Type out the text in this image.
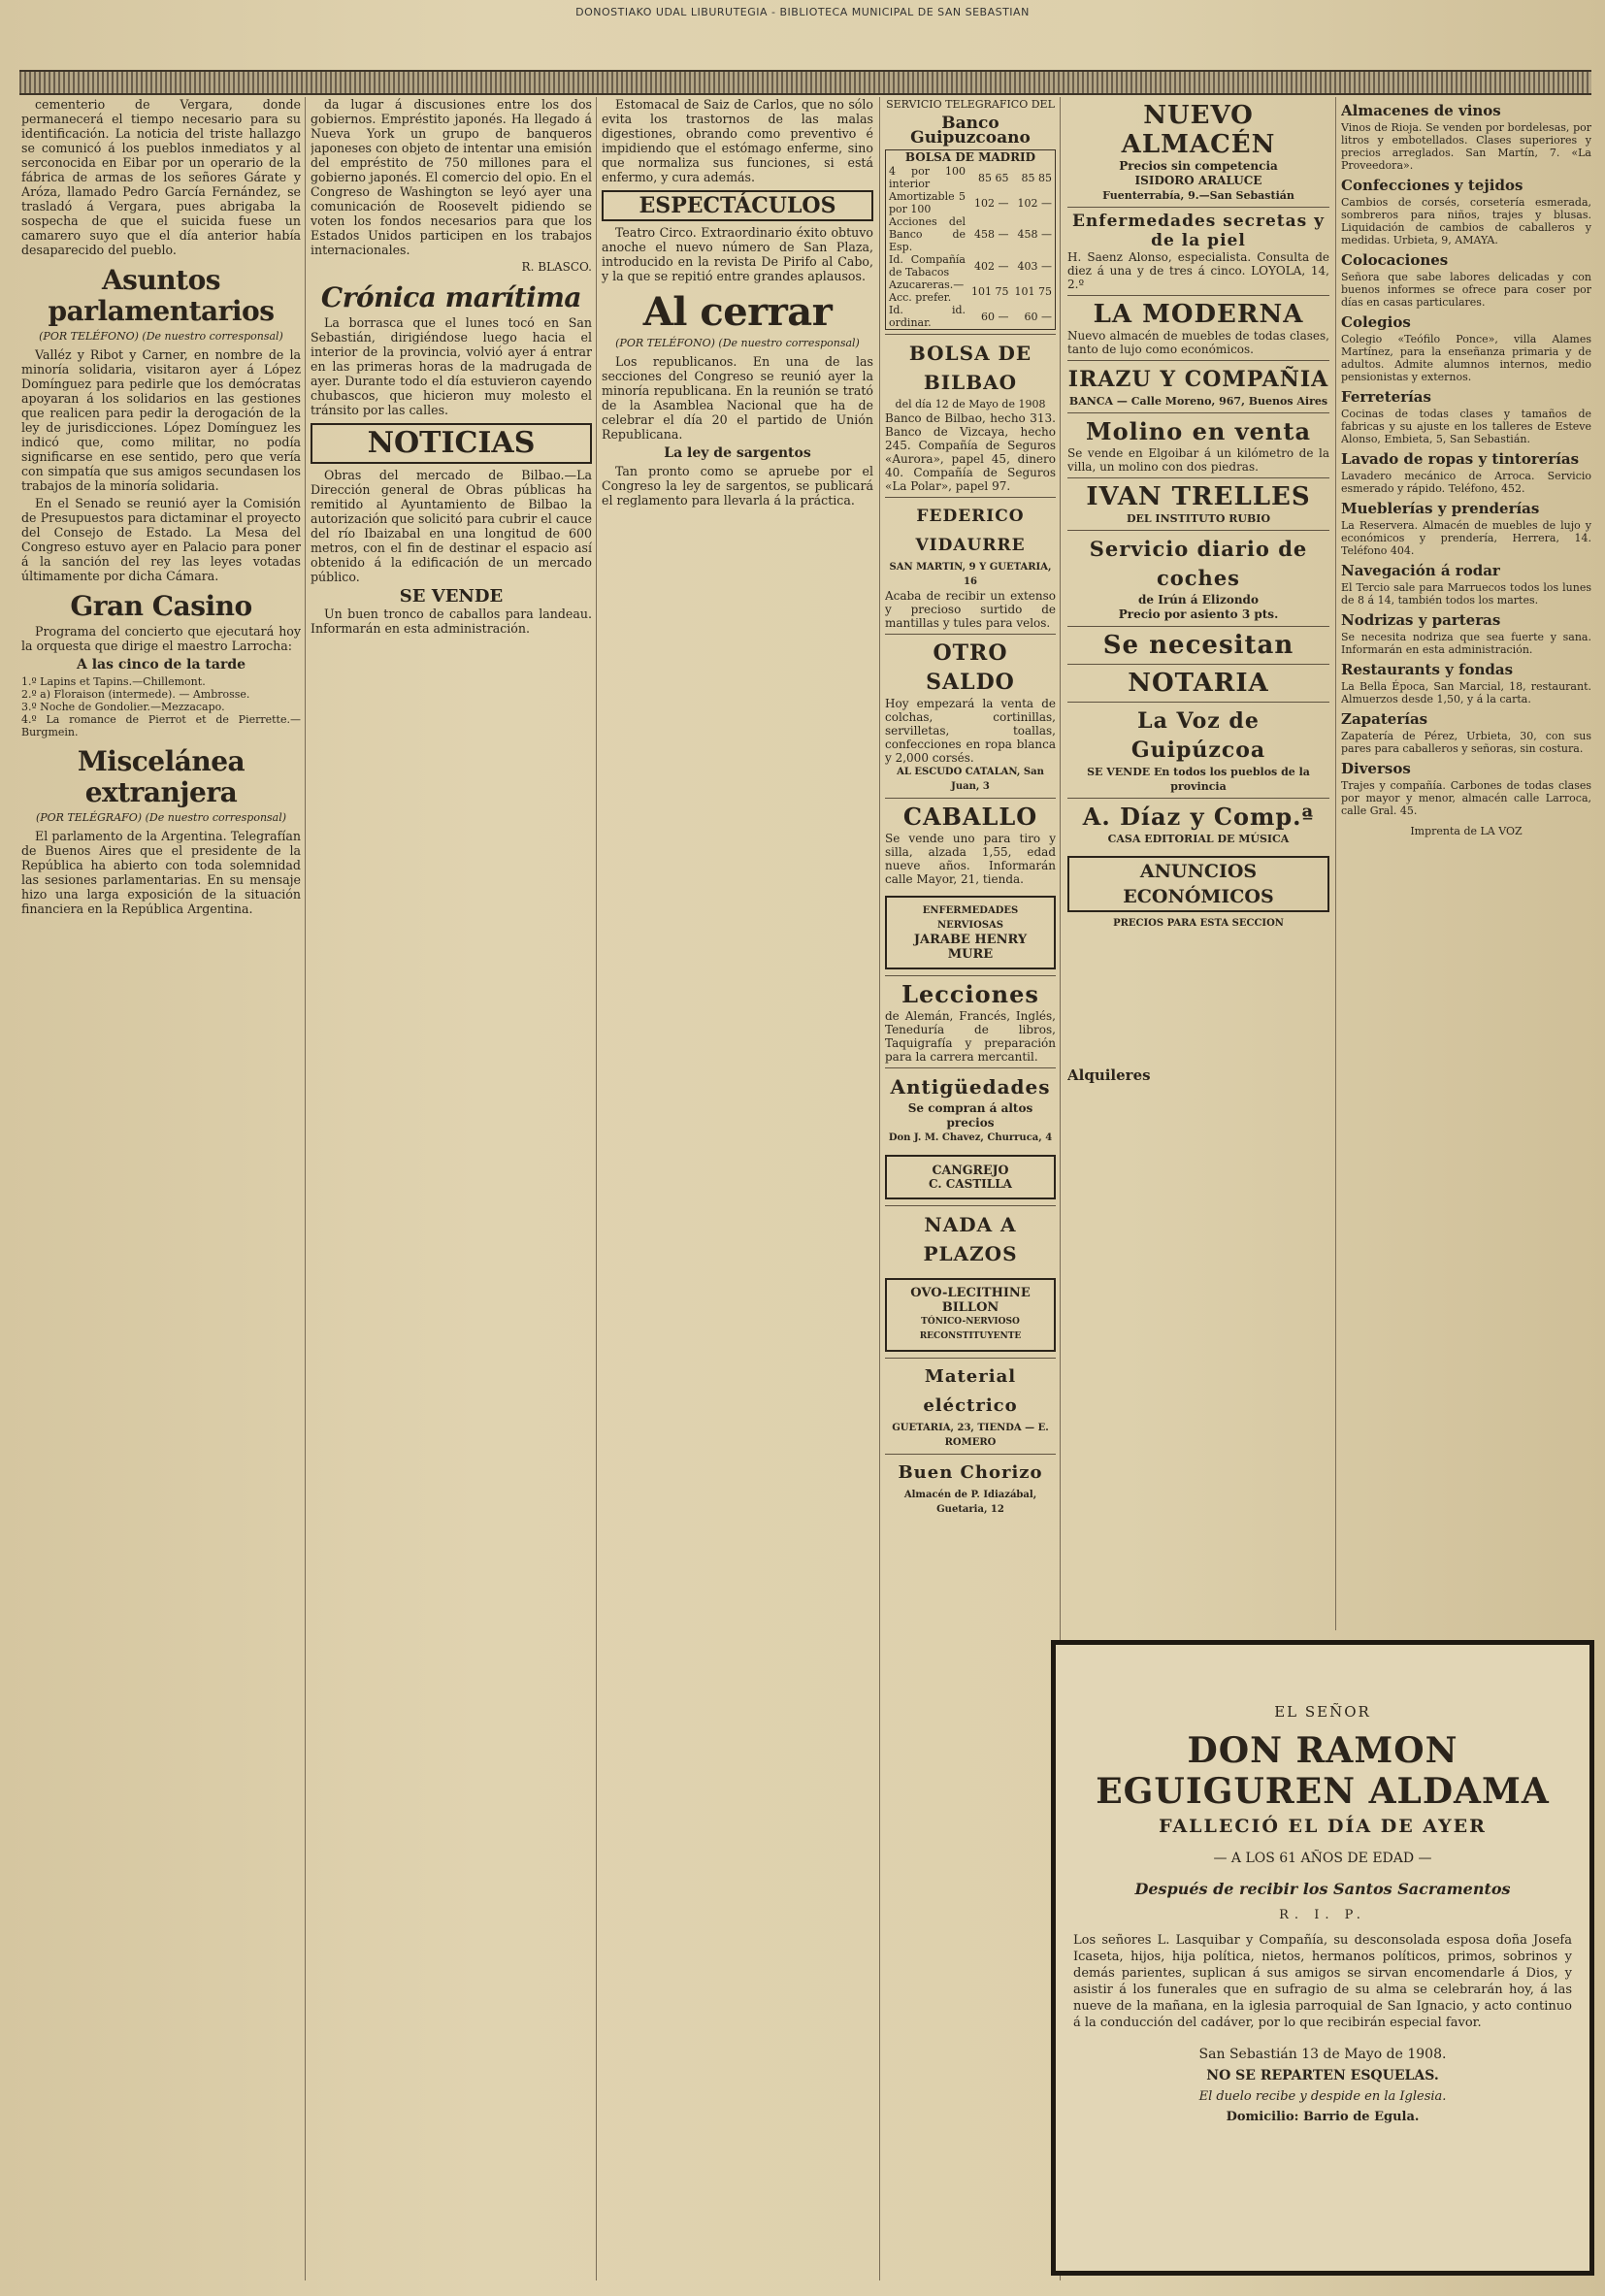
DONOSTIAKO UDAL LIBURUTEGIA - BIBLIOTECA MUNICIPAL DE SAN SEBASTIAN

cementerio de Vergara, donde permanecerá el tiempo necesario para su identificación. La noticia del triste hallazgo se comunicó á los pueblos inmediatos y al serconocida en Eibar por un operario de la fábrica de armas de los señores Gárate y Aróza, llamado Pedro García Fernández, se trasladó á Vergara, pues abrigaba la sospecha de que el suicida fuese un camarero suyo que el día anterior había desaparecido del pueblo.

Asuntos parlamentarios
(POR TELÉFONO) (De nuestro corresponsal)

Valléz y Ribot y Carner, en nombre de la minoría solidaria, visitaron ayer á López Domínguez para pedirle que los demócratas apoyaran á los solidarios en las gestiones que realicen para pedir la derogación de la ley de jurisdicciones. López Domínguez les indicó que, como militar, no podía significarse en ese sentido, pero que vería con simpatía que sus amigos secundasen los trabajos de la minoría solidaria.

En el Senado se reunió ayer la Comisión de Presupuestos para dictaminar el proyecto del Consejo de Estado. La Mesa del Congreso estuvo ayer en Palacio para poner á la sanción del rey las leyes votadas últimamente por dicha Cámara.

Gran Casino

Programa del concierto que ejecutará hoy la orquesta que dirige el maestro Larrocha:

A las cinco de la tarde
1.º Lapins et Tapins.—Chillemont.
2.º a) Floraison (intermede). — Ambrosse.
3.º Noche de Gondolier.—Mezzacapo.
4.º La romance de Pierrot et de Pierrette.—Burgmein.
Miscelánea extranjera
(POR TELÉGRAFO) (De nuestro corresponsal)

El parlamento de la Argentina. Telegrafían de Buenos Aires que el presidente de la República ha abierto con toda solemnidad las sesiones parlamentarias. En su mensaje hizo una larga exposición de la situación financiera en la República Argentina.

da lugar á discusiones entre los dos gobiernos. Empréstito japonés. Ha llegado á Nueva York un grupo de banqueros japoneses con objeto de intentar una emisión del empréstito de 750 millones para el gobierno japonés. El comercio del opio. En el Congreso de Washington se leyó ayer una comunicación de Roosevelt pidiendo se voten los fondos necesarios para que los Estados Unidos participen en los trabajos internacionales.

R. BLASCO.
Crónica marítima

La borrasca que el lunes tocó en San Sebastián, dirigiéndose luego hacia el interior de la provincia, volvió ayer á entrar en las primeras horas de la madrugada de ayer. Durante todo el día estuvieron cayendo chubascos, que hicieron muy molesto el tránsito por las calles.

NOTICIAS

Obras del mercado de Bilbao.—La Dirección general de Obras públicas ha remitido al Ayuntamiento de Bilbao la autorización que solicitó para cubrir el cauce del río Ibaizabal en una longitud de 600 metros, con el fin de destinar el espacio así obtenido á la edificación de un mercado público.

SE VENDE

Un buen tronco de caballos para landeau. Informarán en esta administración.

Estomacal de Saiz de Carlos, que no sólo evita los trastornos de las malas digestiones, obrando como preventivo é impidiendo que el estómago enferme, sino que normaliza sus funciones, si está enfermo, y cura además.

ESPECTÁCULOS

Teatro Circo. Extraordinario éxito obtuvo anoche el nuevo número de San Plaza, introducido en la revista De Pirifo al Cabo, y la que se repitió entre grandes aplausos.

Al cerrar
(POR TELÉFONO) (De nuestro corresponsal)

Los republicanos. En una de las secciones del Congreso se reunió ayer la minoría republicana. En la reunión se trató de la Asamblea Nacional que ha de celebrar el día 20 el partido de Unión Republicana.

La ley de sargentos

Tan pronto como se apruebe por el Congreso la ley de sargentos, se publicará el reglamento para llevarla á la práctica.

SERVICIO TELEGRAFICO DEL
Banco Guipuzcoano
BOLSA DE MADRID
4 por 100 interior	85 65	85 85
Amortizable 5 por 100	102 —	102 —
Acciones del Banco de Esp.	458 —	458 —
Id. Compañía de Tabacos	402 —	403 —
Azucareras.—Acc. prefer.	101 75	101 75
Id. id. ordinar.	60 —	60 —
BOLSA DE BILBAO
del día 12 de Mayo de 1908
Banco de Bilbao, hecho 313. Banco de Vizcaya, hecho 245. Compañía de Seguros «Aurora», papel 45, dinero 40. Compañía de Seguros «La Polar», papel 97.
FEDERICO VIDAURRE
SAN MARTIN, 9 Y GUETARIA, 16
Acaba de recibir un extenso y precioso surtido de mantillas y tules para velos.
OTRO SALDO
Hoy empezará la venta de colchas, cortinillas, servilletas, toallas, confecciones en ropa blanca y 2,000 corsés.
AL ESCUDO CATALAN, San Juan, 3
CABALLO
Se vende uno para tiro y silla, alzada 1,55, edad nueve años. Informarán calle Mayor, 21, tienda.
ENFERMEDADES NERVIOSAS
JARABE HENRY MURE
Lecciones
de Alemán, Francés, Inglés, Teneduría de libros, Taquigrafía y preparación para la carrera mercantil.
Antigüedades
Se compran á altos precios
Don J. M. Chavez, Churruca, 4
CANGREJO
C. CASTILLA
NADA A PLAZOS
OVO-LECITHINE BILLON
TÓNICO-NERVIOSO RECONSTITUYENTE
Material eléctrico
GUETARIA, 23, TIENDA — E. ROMERO
Buen Chorizo
Almacén de P. Idiazábal, Guetaria, 12
NUEVO ALMACÉN
Precios sin competencia
ISIDORO ARALUCE
Fuenterrabía, 9.—San Sebastián
Enfermedades secretas y de la piel
H. Saenz Alonso, especialista. Consulta de diez á una y de tres á cinco. LOYOLA, 14, 2.º
LA MODERNA
Nuevo almacén de muebles de todas clases, tanto de lujo como económicos.
IRAZU Y COMPAÑIA
BANCA — Calle Moreno, 967, Buenos Aires
Molino en venta
Se vende en Elgoibar á un kilómetro de la villa, un molino con dos piedras.
IVAN TRELLES
DEL INSTITUTO RUBIO
Servicio diario de coches
de Irún á Elizondo
Precio por asiento 3 pts.
Se necesitan
NOTARIA
La Voz de Guipúzcoa
SE VENDE En todos los pueblos de la provincia
A. Díaz y Comp.ª
CASA EDITORIAL DE MÚSICA
ANUNCIOS ECONÓMICOS
PRECIOS PARA ESTA SECCION
Alquileres
Almacenes de vinos
Vinos de Rioja. Se venden por bordelesas, por litros y embotellados. Clases superiores y precios arreglados. San Martín, 7. «La Proveedora».
Confecciones y tejidos
Cambios de corsés, corsetería esmerada, sombreros para niños, trajes y blusas. Liquidación de cambios de caballeros y medidas. Urbieta, 9, AMAYA.
Colocaciones
Señora que sabe labores delicadas y con buenos informes se ofrece para coser por días en casas particulares.
Colegios
Colegio «Teófilo Ponce», villa Alames Martínez, para la enseñanza primaria y de adultos. Admite alumnos internos, medio pensionistas y externos.
Ferreterías
Cocinas de todas clases y tamaños de fabricas y su ajuste en los talleres de Esteve Alonso, Embieta, 5, San Sebastián.
Lavado de ropas y tintorerías
Lavadero mecánico de Arroca. Servicio esmerado y rápido. Teléfono, 452.
Mueblerías y prenderías
La Reservera. Almacén de muebles de lujo y económicos y prendería, Herrera, 14. Teléfono 404.
Navegación á rodar
El Tercio sale para Marruecos todos los lunes de 8 á 14, también todos los martes.
Nodrizas y parteras
Se necesita nodriza que sea fuerte y sana. Informarán en esta administración.
Restaurants y fondas
La Bella Época, San Marcial, 18, restaurant. Almuerzos desde 1,50, y á la carta.
Zapaterías
Zapatería de Pérez, Urbieta, 30, con sus pares para caballeros y señoras, sin costura.
Diversos
Trajes y compañía. Carbones de todas clases por mayor y menor, almacén calle Larroca, calle Gral. 45.
Imprenta de LA VOZ
EL SEÑOR
DON RAMON EGUIGUREN ALDAMA
FALLECIÓ EL DÍA DE AYER
— A LOS 61 AÑOS DE EDAD —
Después de recibir los Santos Sacramentos
R. I. P.
Los señores L. Lasquibar y Compañía, su desconsolada esposa doña Josefa Icaseta, hijos, hija política, nietos, hermanos políticos, primos, sobrinos y demás parientes, suplican á sus amigos se sirvan encomendarle á Dios, y asistir á los funerales que en sufragio de su alma se celebrarán hoy, á las nueve de la mañana, en la iglesia parroquial de San Ignacio, y acto continuo á la conducción del cadáver, por lo que recibirán especial favor.
San Sebastián 13 de Mayo de 1908.
NO SE REPARTEN ESQUELAS.
El duelo recibe y despide en la Iglesia.
Domicilio: Barrio de Egula.
